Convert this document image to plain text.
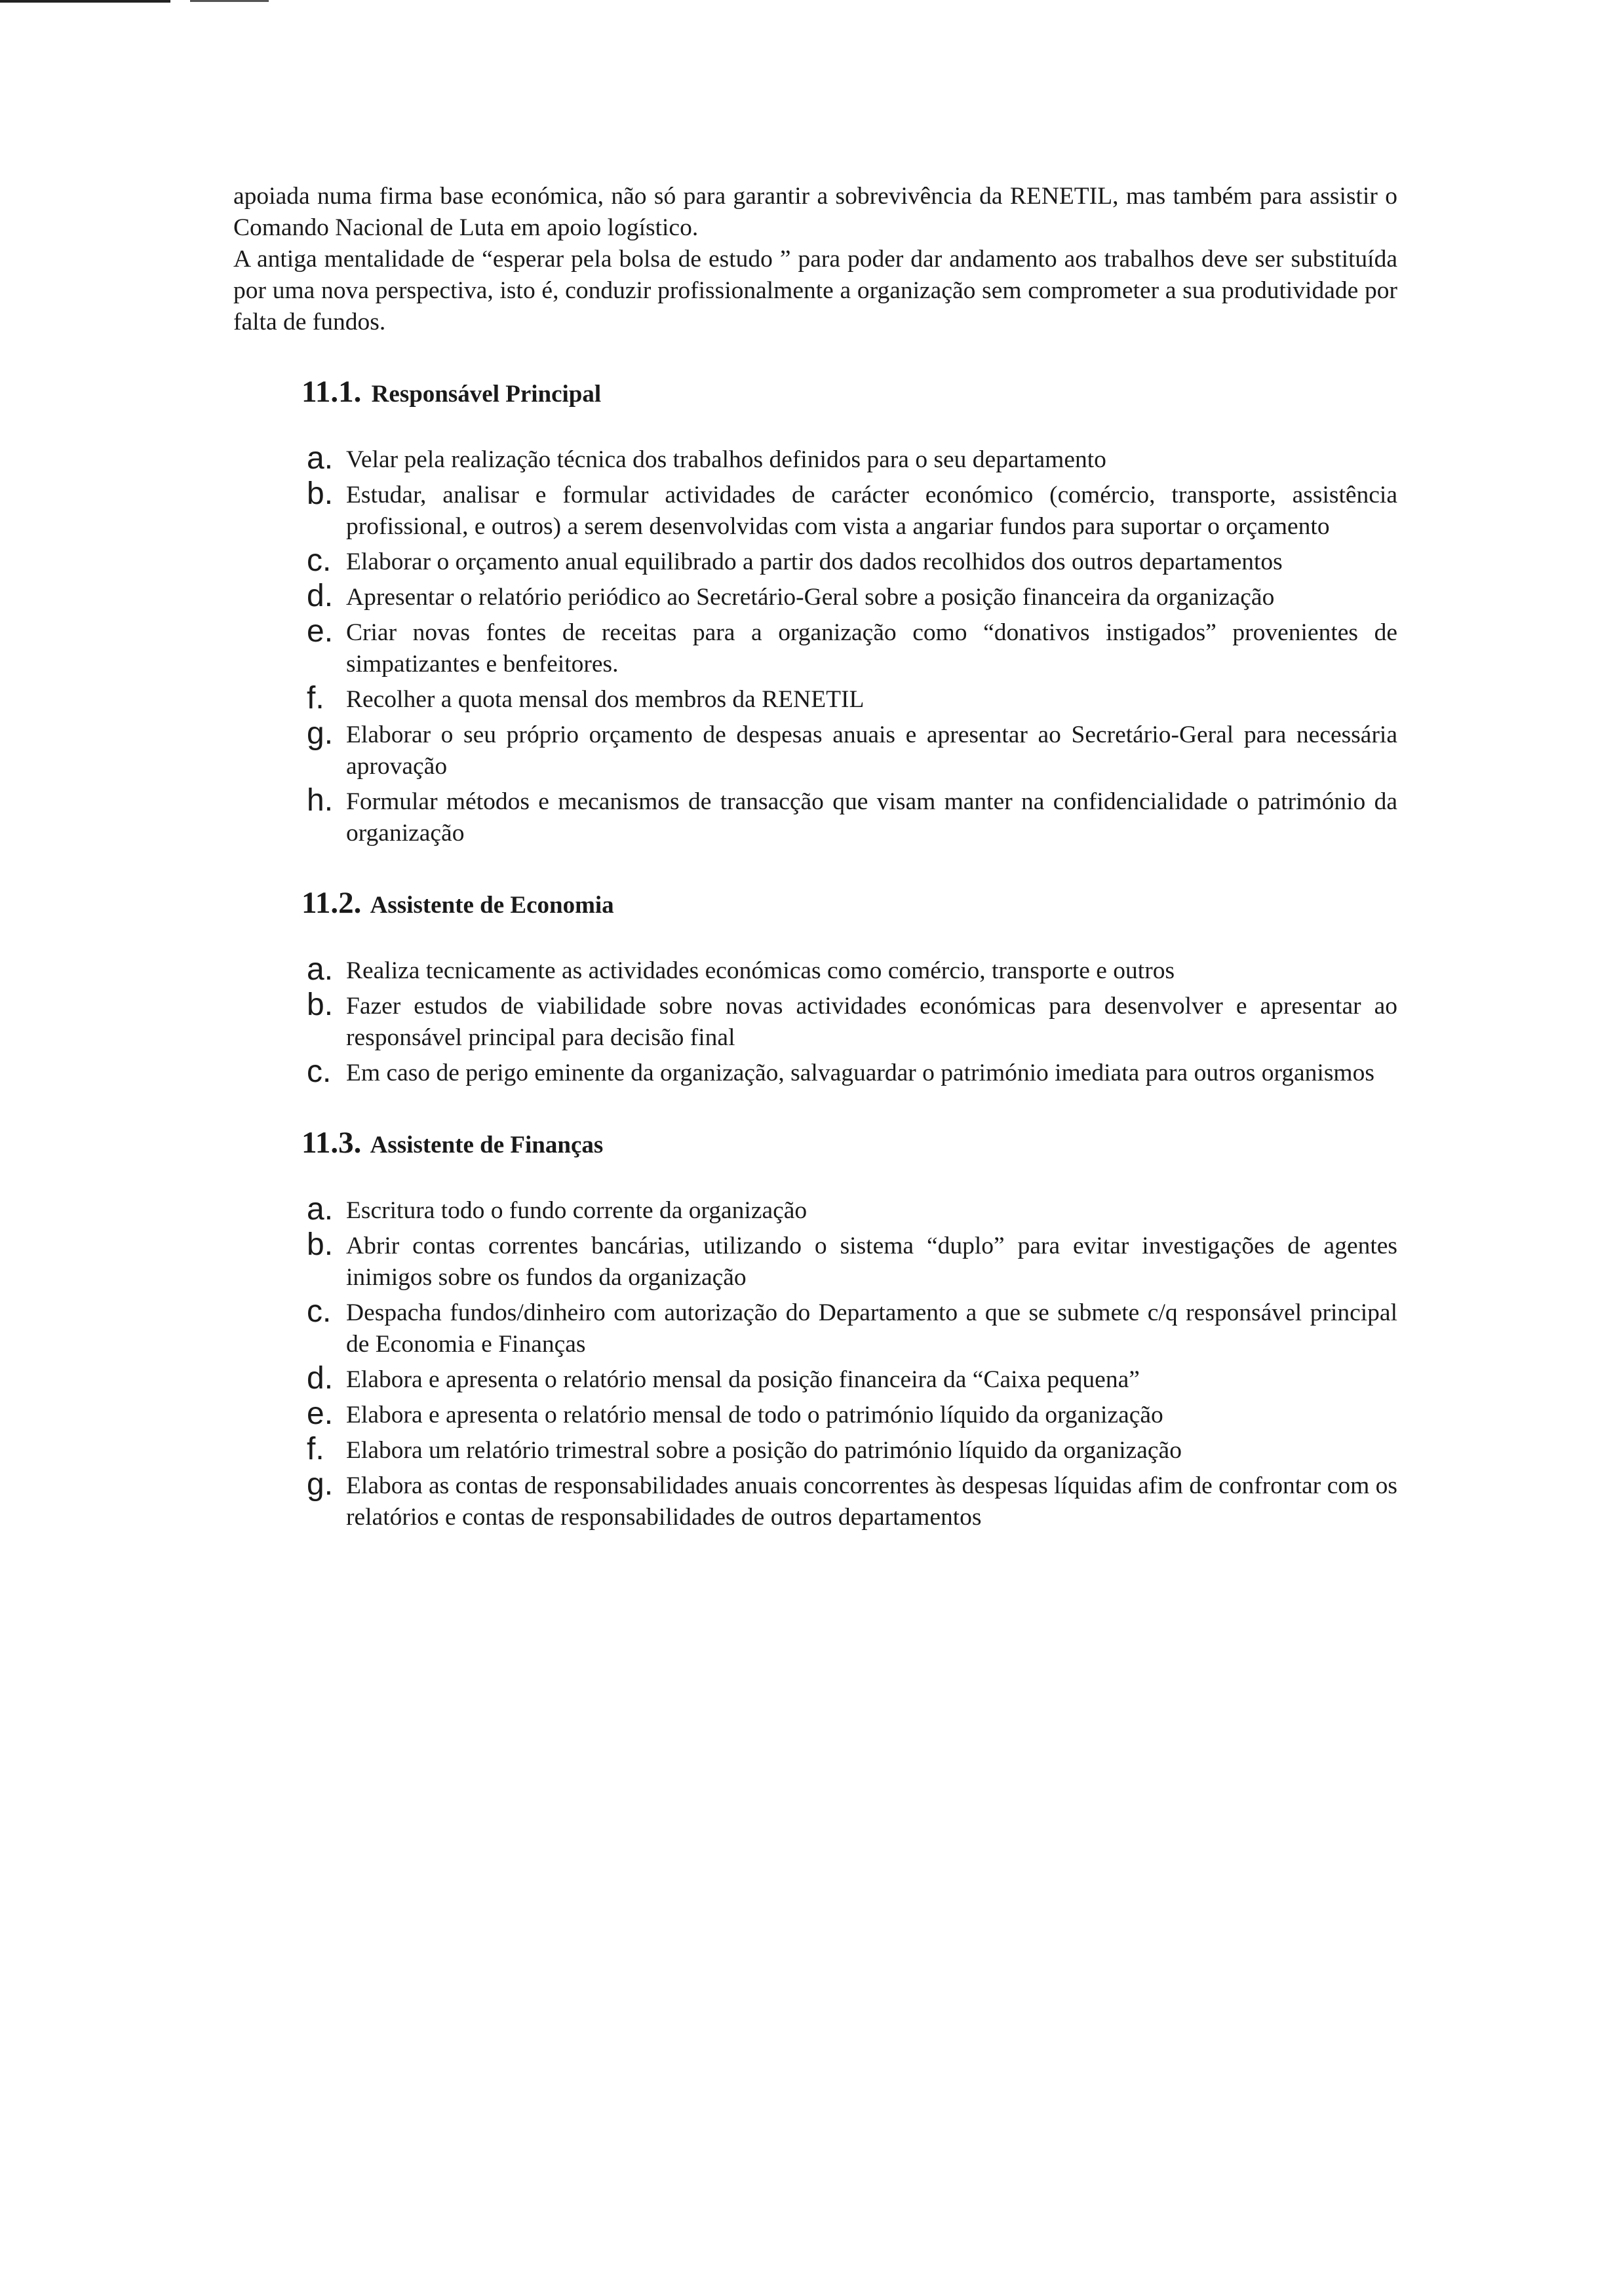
apoiada numa firma base económica, não só para garantir a sobrevivência da RENETIL, mas também para assistir o Comando Nacional de Luta em apoio logístico.

A antiga mentalidade de “esperar pela bolsa de estudo ” para poder dar andamento aos trabalhos deve ser substituída por uma nova perspectiva, isto é, conduzir profissionalmente a organização sem comprometer a sua produtividade por falta de fundos.

11.1. Responsável Principal
a. Velar pela realização técnica dos trabalhos definidos para o seu departamento
b. Estudar, analisar e formular actividades de carácter económico (comércio, transporte, assistência profissional, e outros) a serem desenvolvidas com vista a angariar fundos para suportar o orçamento
c. Elaborar o orçamento anual equilibrado a partir dos dados recolhidos dos outros departamentos
d. Apresentar o relatório periódico ao Secretário-Geral sobre a posição financeira da organização
e. Criar novas fontes de receitas para a organização como “donativos instigados” provenientes de simpatizantes e benfeitores.
f. Recolher a quota mensal dos membros da RENETIL
g. Elaborar o seu próprio orçamento de despesas anuais e apresentar ao Secretário-Geral para necessária aprovação
h. Formular métodos e mecanismos de transacção que visam manter na confidencialidade o património da organização
11.2. Assistente de Economia
a. Realiza tecnicamente as actividades económicas como comércio, transporte e outros
b. Fazer estudos de viabilidade sobre novas actividades económicas para desenvolver e apresentar ao responsável principal para decisão final
c. Em caso de perigo eminente da organização, salvaguardar o património imediata para outros organismos
11.3. Assistente de Finanças
a. Escritura todo o fundo corrente da organização
b. Abrir contas correntes bancárias, utilizando o sistema “duplo” para evitar investigações de agentes inimigos sobre os fundos da organização
c. Despacha fundos/dinheiro com autorização do Departamento a que se submete c/q responsável principal de Economia e Finanças
d. Elabora e apresenta o relatório mensal da posição financeira da “Caixa pequena”
e. Elabora e apresenta o relatório mensal de todo o património líquido da organização
f. Elabora um relatório trimestral sobre a posição do património líquido da organização
g. Elabora as contas de responsabilidades anuais concorrentes às despesas líquidas afim de confrontar com os relatórios e contas de responsabilidades de outros departamentos
